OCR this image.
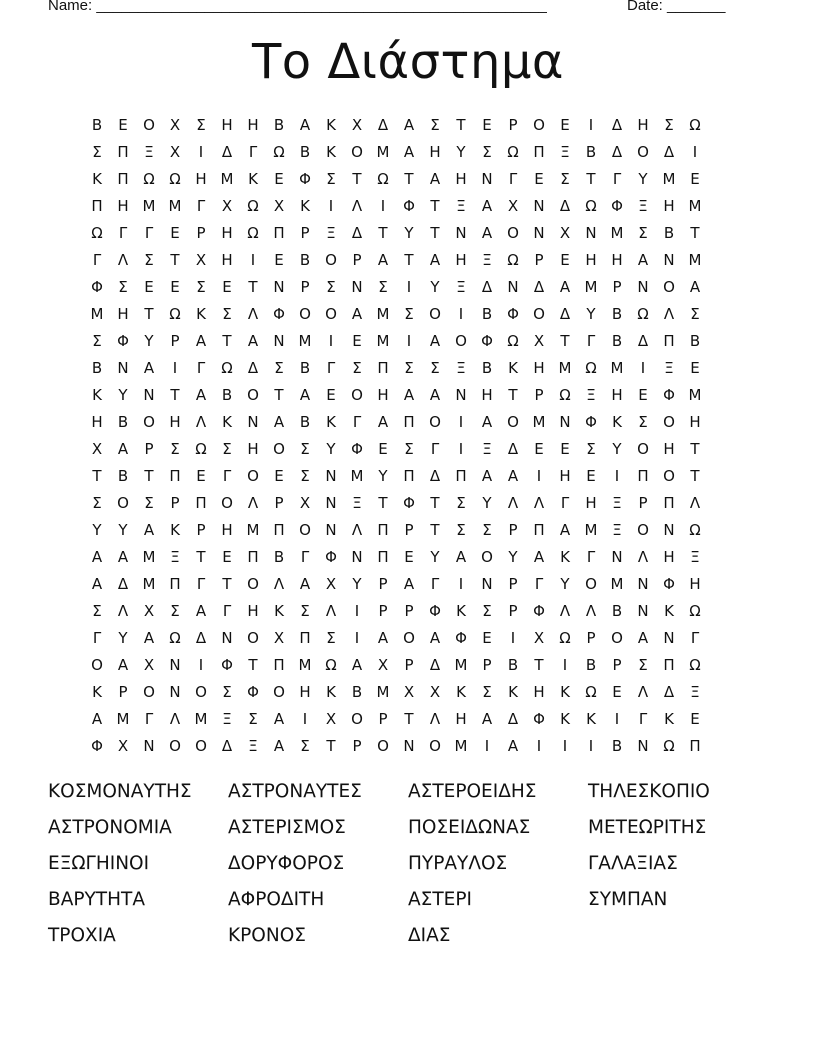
Name: ______________________________________________________	Date: _______
Το Διάστημα
Β	Ε	Ο Χ	Σ	Η Η	Β	Α	Κ	Χ	Δ	Α	Σ	Τ	Ε	Ρ	Ο	Ε	Ι	Δ	Η	Σ	Ω
Σ	Π	Ξ	Χ	Ι	Δ	Γ	Ω	Β	Κ	Ο Μ Α	Η	Υ	Σ	Ω Π	Ξ	Β	Δ Ο Δ	Ι
Κ	Π Ω Ω Η Μ Κ	Ε	Φ	Σ	Τ	Ω	Τ	Α	Η Ν	Γ	Ε	Σ	Τ	Γ	Υ Μ Ε
Π Η Μ Μ	Γ	Χ	Ω	Χ	Κ	Ι	Λ	Ι	Φ	Τ	Ξ	Α	Χ	Ν	Δ	Ω Φ	Ξ	Η Μ
Ω	Γ	Γ	Ε	Ρ	Η Ω Π	Ρ	Ξ	Δ	Τ	Υ	Τ	Ν	Α Ο Ν	Χ	Ν Μ Σ	Β	Τ
Γ	Λ	Σ	Τ	Χ	Η	Ι	Ε	Β Ο	Ρ	Α	Τ	Α	Η	Ξ	Ω	Ρ	Ε	Η Η	Α	Ν Μ
Φ	Σ	Ε	Ε	Σ	Ε	Τ	Ν	Ρ	Σ	Ν	Σ	Ι	Υ	Ξ	Δ	Ν	Δ	Α Μ	Ρ	Ν Ο Α
Μ Η	Τ	Ω	Κ	Σ	Λ Φ Ο Ο Α Μ Σ	Ο	Ι	Β Φ Ο Δ	Υ	Β	Ω	Λ	Σ
Σ	Φ	Υ	Ρ	Α	Τ	Α	Ν Μ	Ι	Ε Μ	Ι	Α Ο Φ Ω	Χ	Τ	Γ	Β	Δ	Π	Β
Β	Ν	Α	Ι	Γ	Ω	Δ	Σ	Β	Γ	Σ	Π	Σ	Σ	Ξ	Β	Κ	Η Μ Ω Μ	Ι	Ξ	Ε
Κ	Υ	Ν	Τ	Α	Β Ο	Τ	Α	Ε	Ο Η	Α	Α	Ν Η	Τ	Ρ	Ω	Ξ	Η	Ε	Φ Μ
Η	Β Ο Η	Λ	Κ	Ν	Α	Β	Κ	Γ	Α	Π Ο	Ι	Α Ο Μ Ν Φ	Κ	Σ	Ο Η
Χ	Α	Ρ	Σ	Ω	Σ	Η Ο	Σ	Υ	Φ	Ε	Σ	Γ	Ι	Ξ	Δ	Ε	Ε	Σ	Υ	Ο Η	Τ
Τ	Β	Τ	Π	Ε	Γ	Ο	Ε	Σ	Ν Μ Υ	Π	Δ	Π	Α	Α	Ι	Η	Ε	Ι	Π Ο	Τ
Σ	Ο	Σ	Ρ	Π Ο Λ	Ρ	Χ	Ν	Ξ	Τ	Φ	Τ	Σ	Υ	Λ	Λ	Γ	Η	Ξ	Ρ	Π	Λ
Υ	Υ	Α	Κ	Ρ	Η Μ Π Ο Ν	Λ	Π	Ρ	Τ	Σ	Σ	Ρ	Π	Α Μ Ξ	Ο Ν Ω
Α	Α Μ Ξ	Τ	Ε	Π	Β	Γ	Φ Ν Π	Ε	Υ	Α Ο	Υ	Α	Κ	Γ	Ν	Λ	Η	Ξ
Α	Δ Μ Π	Γ	Τ	Ο Λ	Α	Χ	Υ	Ρ	Α	Γ	Ι	Ν	Ρ	Γ	Υ	Ο Μ Ν Φ Η
Σ	Λ	Χ	Σ	Α	Γ	Η	Κ	Σ	Λ	Ι	Ρ	Ρ	Φ	Κ	Σ	Ρ	Φ Λ	Λ	Β	Ν	Κ	Ω
Γ	Υ	Α	Ω	Δ	Ν Ο Χ	Π	Σ	Ι	Α Ο Α Φ	Ε	Ι	Χ	Ω	Ρ	Ο Α	Ν	Γ
Ο Α	Χ	Ν	Ι	Φ	Τ	Π Μ Ω	Α	Χ	Ρ	Δ Μ	Ρ	Β	Τ	Ι	Β	Ρ	Σ	Π Ω
Κ	Ρ	Ο Ν Ο	Σ	Φ Ο Η	Κ	Β Μ Χ	Χ	Κ	Σ	Κ	Η	Κ	Ω	Ε	Λ	Δ	Ξ
Α Μ	Γ	Λ Μ Ξ	Σ	Α	Ι	Χ Ο	Ρ	Τ	Λ	Η	Α	Δ Φ	Κ	Κ	Ι	Γ	Κ	Ε
Φ Χ	Ν Ο Ο Δ	Ξ	Α	Σ	Τ	Ρ	Ο Ν Ο Μ	Ι	Α	Ι	Ι	Ι	Β	Ν Ω Π
ΚΟΣΜΟΝΑΥΤΗΣ ΑΣΤΡΟΝΑΥΤΕΣ ΑΣΤΕΡΟΕΙΔΗΣ	ΤΗΛΕΣΚΟΠΙΟ
ΑΣΤΡΟΝΟΜΙΑ	ΑΣΤΕΡΙΣΜΟΣ	ΠΟΣΕΙΔΩΝΑΣ	ΜΕΤΕΩΡΙΤΗΣ
ΕΞΩΓΗΙΝΟΙ	ΔΟΡΥΦΟΡΟΣ	ΠΥΡΑΥΛΟΣ	ΓΑΛΑΞΙΑΣ
ΒΑΡΥΤΗΤΑ	ΑΦΡΟΔΙΤΗ	ΑΣΤΕΡΙ	ΣΥΜΠΑΝ
ΤΡΟΧΙΑ	ΚΡΟΝΟΣ	ΔΙΑΣ
